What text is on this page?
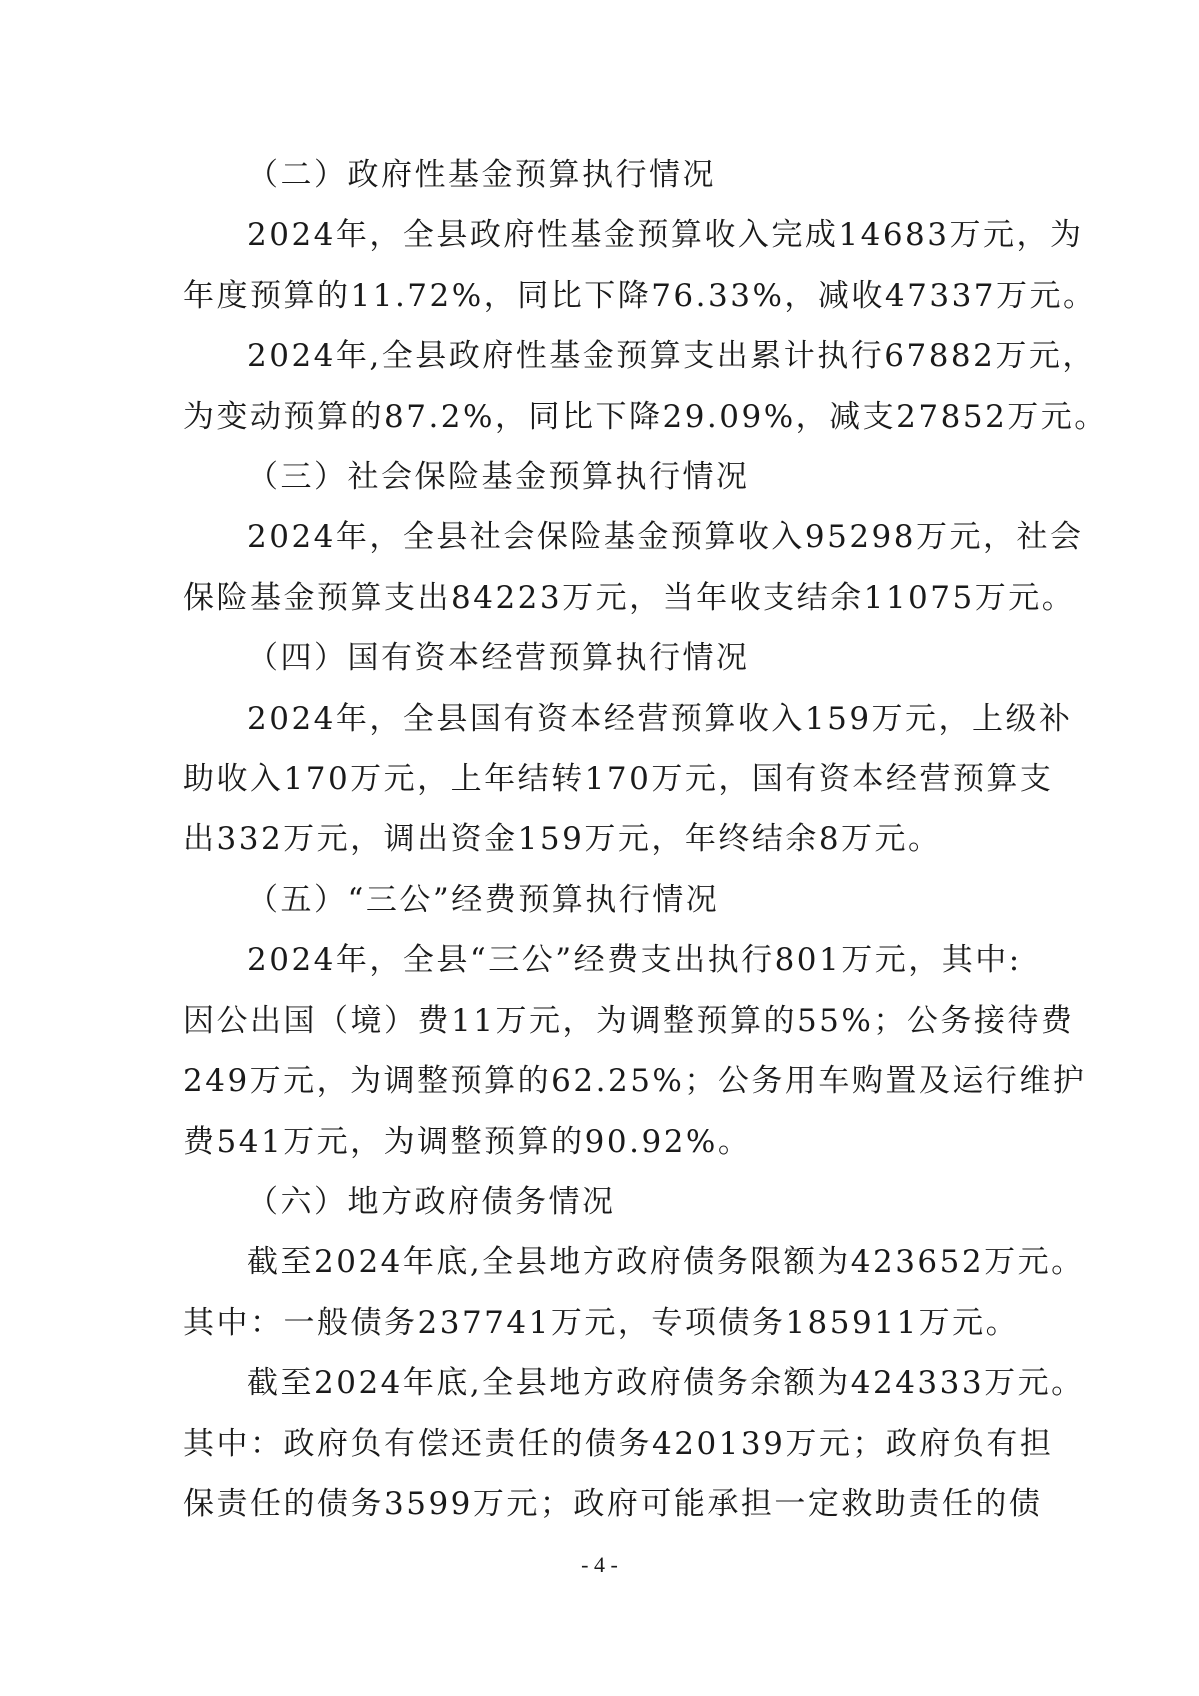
（二）政府性基金预算执行情况

2024年，全县政府性基金预算收入完成14683万元，为
年度预算的11.72%，同比下降76.33%，减收47337万元。
2024年,全县政府性基金预算支出累计执行67882万元，
为变动预算的87.2%，同比下降29.09%，减支27852万元。

（三）社会保险基金预算执行情况

2024年，全县社会保险基金预算收入95298万元，社会
保险基金预算支出84223万元，当年收支结余11075万元。

（四）国有资本经营预算执行情况

2024年，全县国有资本经营预算收入159万元，上级补
助收入170万元，上年结转170万元，国有资本经营预算支
出332万元，调出资金159万元，年终结余8万元。

（五）“三公”经费预算执行情况

2024年，全县“三公”经费支出执行801万元，其中:
因公出国（境）费11万元，为调整预算的55%；公务接待费
249万元，为调整预算的62.25%；公务用车购置及运行维护
费541万元，为调整预算的90.92%。

（六）地方政府债务情况

截至2024年底,全县地方政府债务限额为423652万元。
其中：一般债务237741万元，专项债务185911万元。
截至2024年底,全县地方政府债务余额为424333万元。
其中：政府负有偿还责任的债务420139万元；政府负有担
保责任的债务3599万元；政府可能承担一定救助责任的债
- 4 -
